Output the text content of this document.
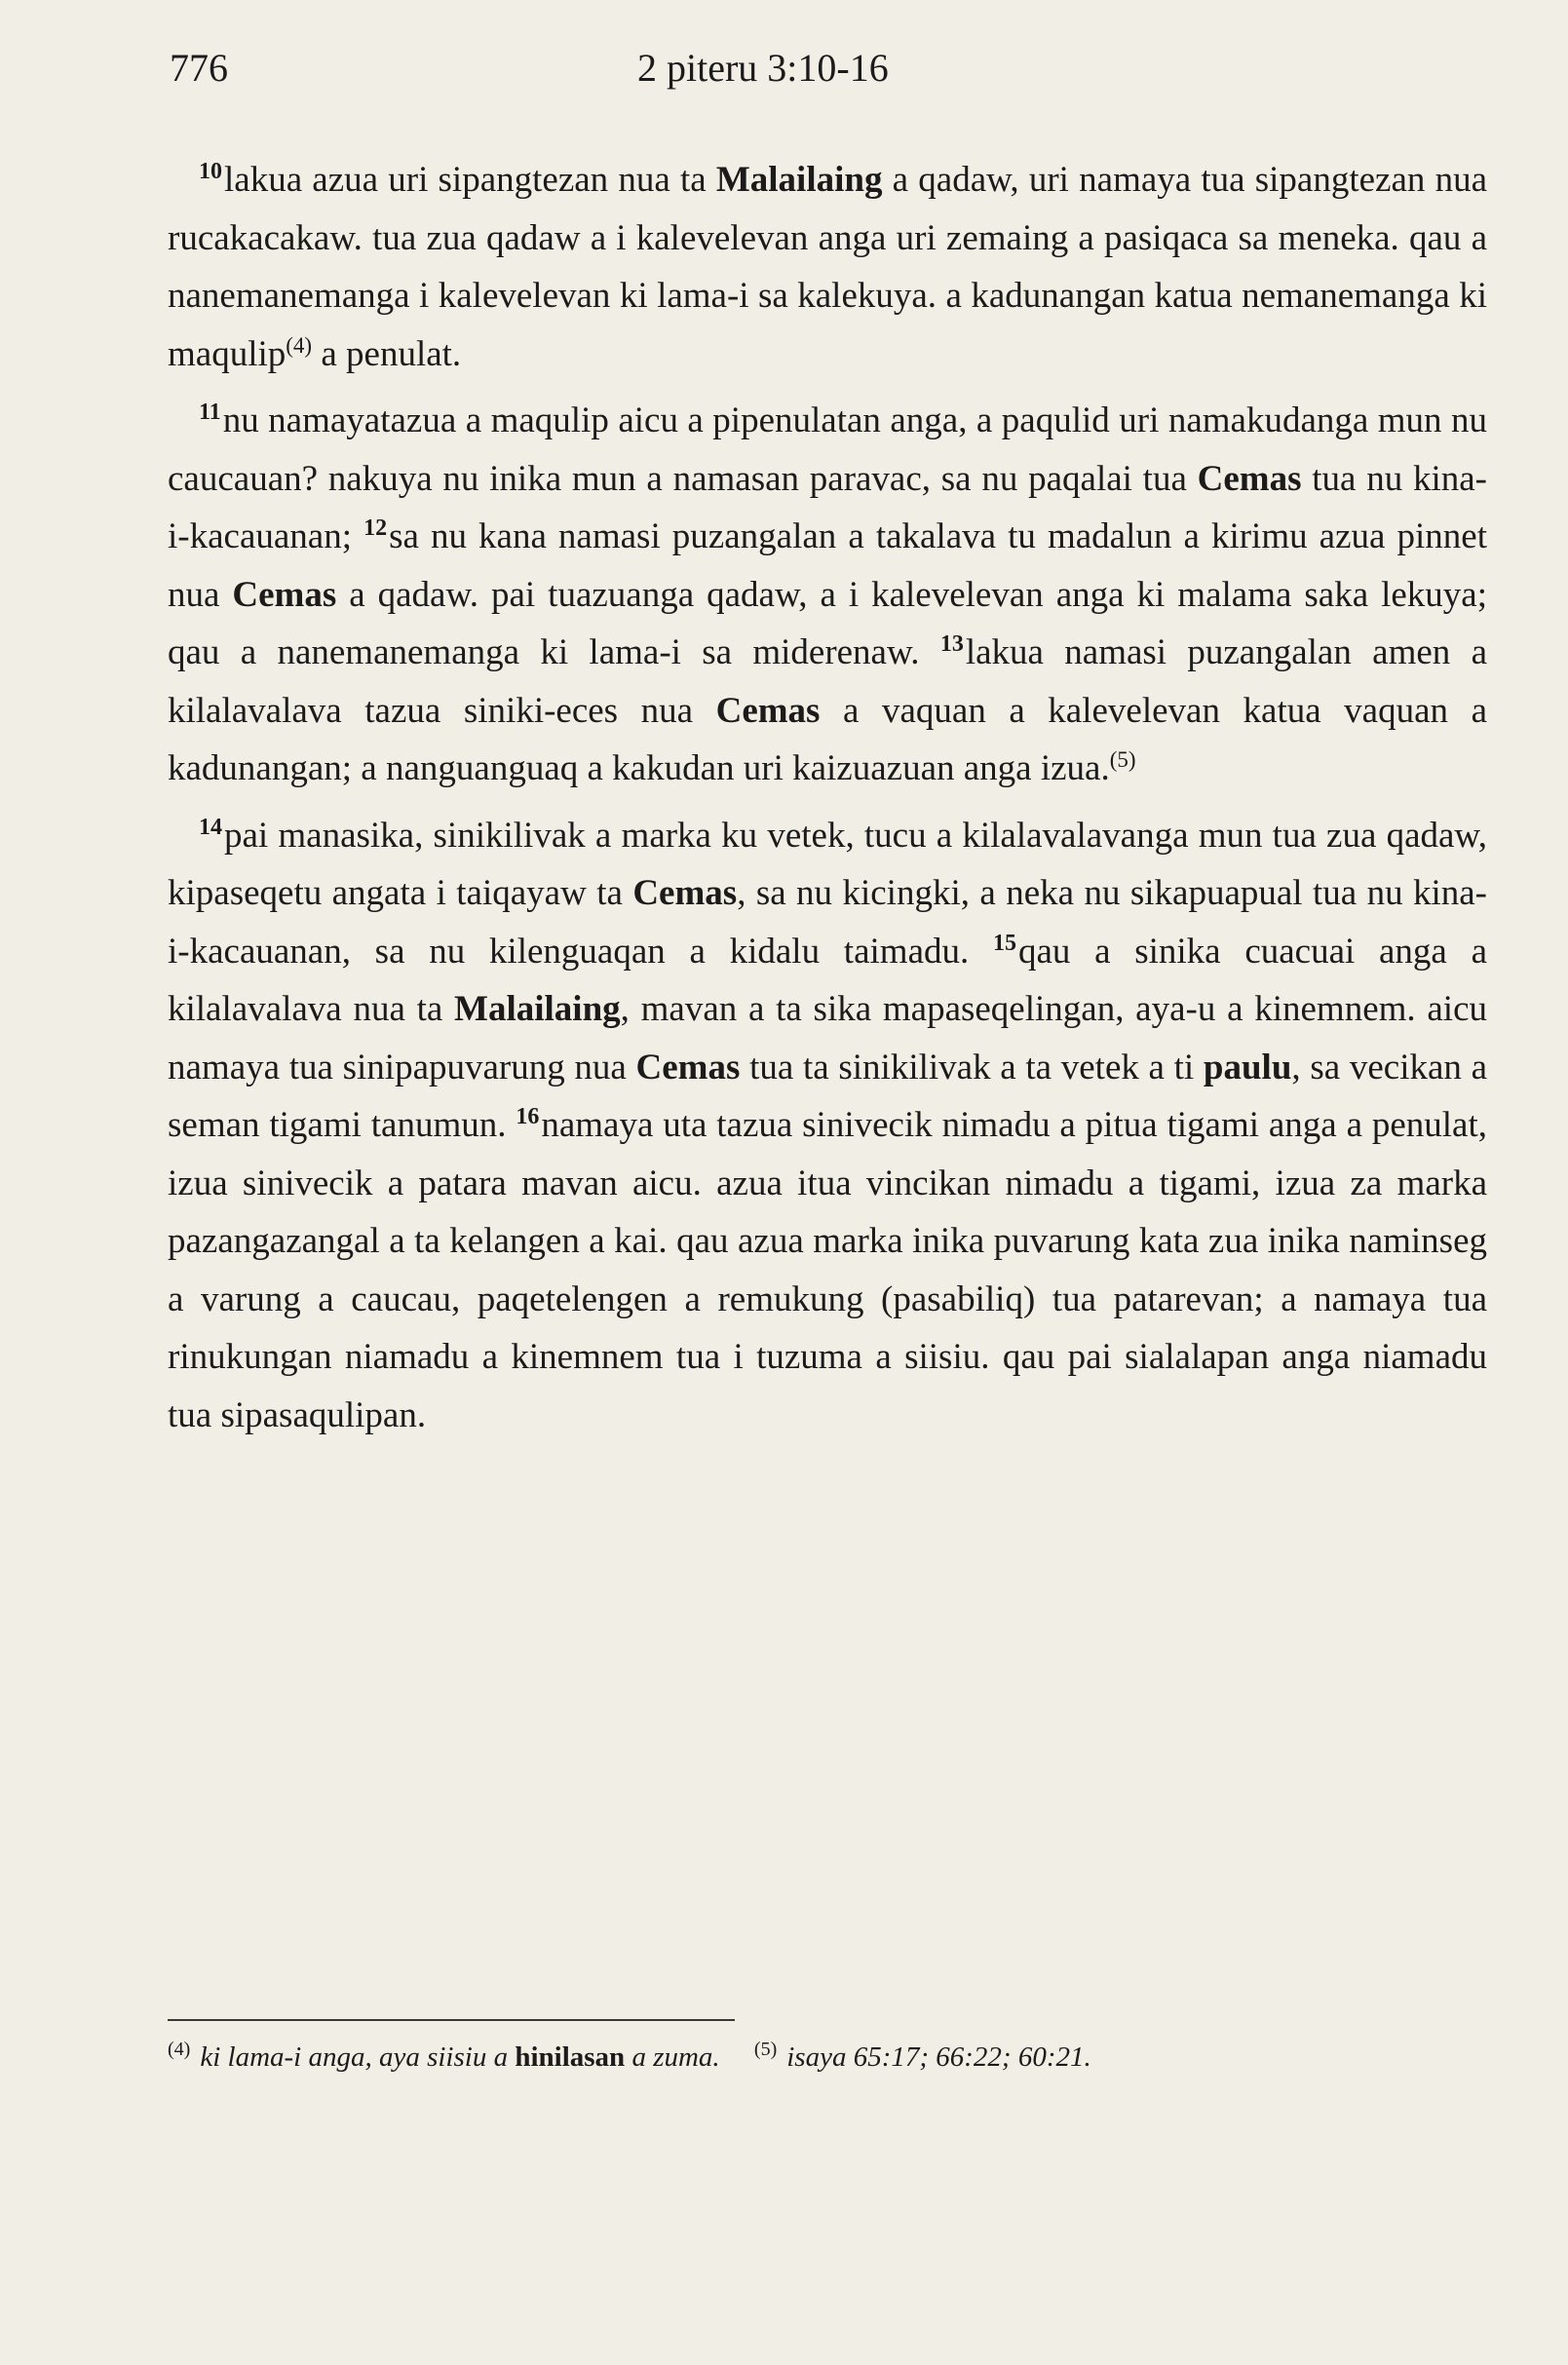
776	2 piteru 3:10-16

$^{10}$lakua azua uri sipangtezan nua ta Malailaing a qadaw, uri namaya tua sipangtezan nua rucakacakaw. tua zua qadaw a i kalevelevan anga uri zemaing a pasiqaca sa meneka. qau a nanemanemanga i kalevelevan ki lama-i sa kalekuya. a kadunangan katua nemanemanga ki maqulip$^{(4)}$ a penulat.

$^{11}$nu namayatazua a maqulip aicu a pipenulatan anga, a paqulid uri namakudanga mun nu caucauan? nakuya nu inika mun a namasan paravac, sa nu paqalai tua Cemas tua nu kina-i-kacauanan; $^{12}$sa nu kana namasi puzangalan a takalava tu madalun a kirimu azua pinnet nua Cemas a qadaw. pai tuazuanga qadaw, a i kalevelevan anga ki malama saka lekuya; qau a nanemanemanga ki lama-i sa miderenaw. $^{13}$lakua namasi puzangalan amen a kilalavalava tazua siniki-eces nua Cemas a vaquan a kalevelevan katua vaquan a kadunangan; a nanguanguaq a kakudan uri kaizuazuan anga izua.$^{(5)}$

$^{14}$pai manasika, sinikilivak a marka ku vetek, tucu a kilalavalavanga mun tua zua qadaw, kipaseqetu angata i taiqayaw ta Cemas, sa nu kicingki, a neka nu sikapuapual tua nu kina-i-kacauanan, sa nu kilenguaqan a kidalu taimadu. $^{15}$qau a sinika cuacuai anga a kilalavalava nua ta Malailaing, mavan a ta sika mapaseqelingan, aya-u a kinemnem. aicu namaya tua sinipapuvarung nua Cemas tua ta sinikilivak a ta vetek a ti paulu, sa vecikan a seman tigami tanumun. $^{16}$namaya uta tazua sinivecik nimadu a pitua tigami anga a penulat, izua sinivecik a patara mavan aicu. azua itua vincikan nimadu a tigami, izua za marka pazangazangal a ta kelangen a kai. qau azua marka inika puvarung kata zua inika naminseg a varung a caucau, paqetelengen a remukung (pasabiliq) tua patarevan; a namaya tua rinukungan niamadu a kinemnem tua i tuzuma a siisiu. qau pai sialalapan anga niamadu tua sipasaqulipan.

$^{(4)}$ ki lama-i anga, aya siisiu a hinilasan a zuma. $^{(5)}$ isaya 65:17; 66:22; 60:21.
